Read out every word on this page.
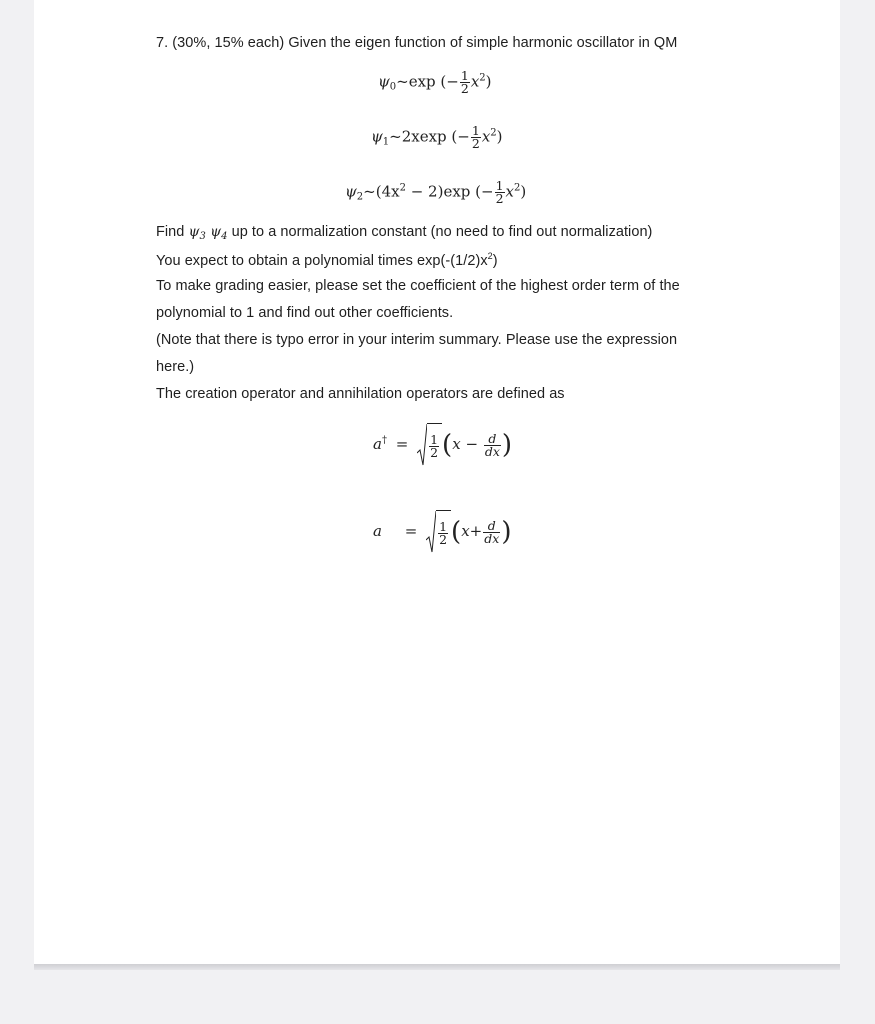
7. (30%, 15% each) Given the eigen function of simple harmonic oscillator in QM
$\psi_0\sim\exp$ (− $\frac{1}{2} x^2$)
$\psi_1\sim 2xexp$ (− $\frac{1}{2} x^2$)
$\psi_2\sim(4x^2 - 2)\exp$ (− $\frac{1}{2} x^2$)
Find $\psi_3$ $\psi_4$ up to a normalization constant (no need to find out normalization)
You expect to obtain a polynomial times $\exp(-(1/2)x^2)$
To make grading easier, please set the coefficient of the highest order term of the
polynomial to 1 and find out other coefficients.
(Note that there is typo error in your interim summary. Please use the expression
here.)
The creation operator and annihilation operators are defined as
$a^\dagger = \frac{1}{2} (x - \frac{d}{dx}$ )
$a = \frac{1}{2} (x+ \frac{d}{dx}$ )
